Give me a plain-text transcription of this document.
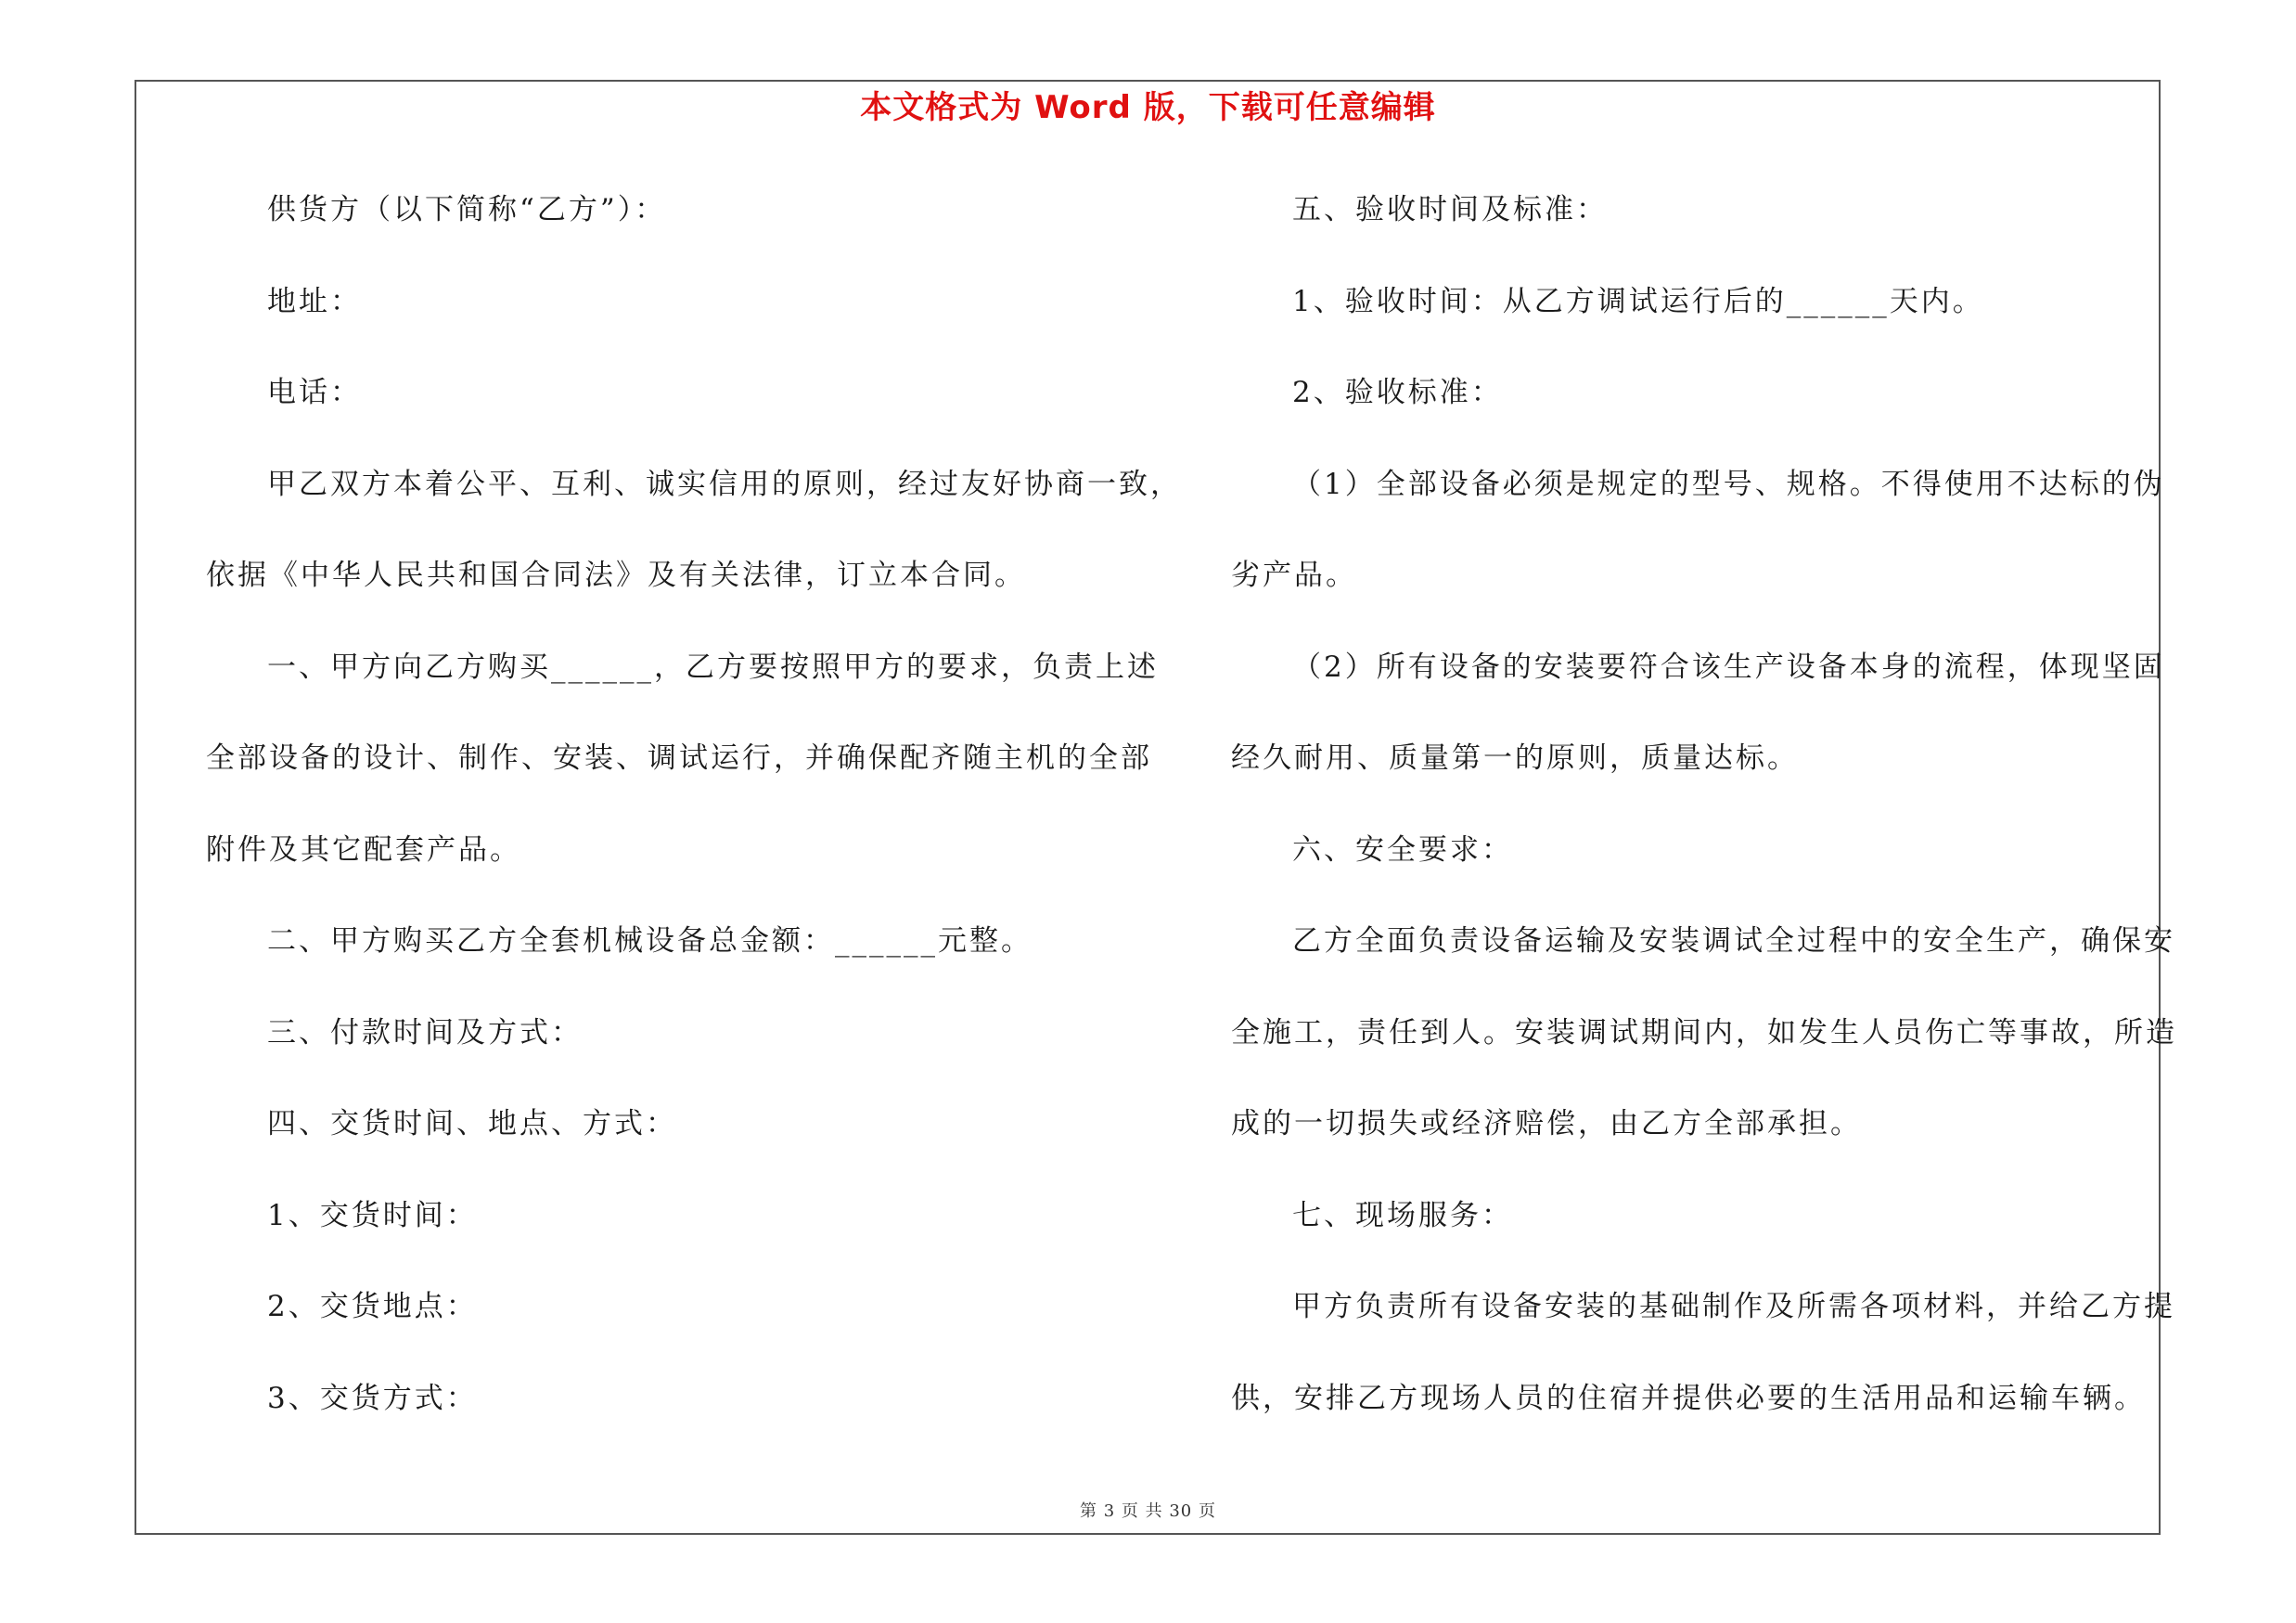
本文格式为 Word 版，下载可任意编辑
供货方（以下简称“乙方”）：
地址：
电话：
甲乙双方本着公平、互利、诚实信用的原则，经过友好协商一致，
依据《中华人民共和国合同法》及有关法律，订立本合同。
一、甲方向乙方购买______，乙方要按照甲方的要求，负责上述
全部设备的设计、制作、安装、调试运行，并确保配齐随主机的全部
附件及其它配套产品。
二、甲方购买乙方全套机械设备总金额：______元整。
三、付款时间及方式：
四、交货时间、地点、方式：
1、交货时间：
2、交货地点：
3、交货方式：
五、验收时间及标准：
1、验收时间：从乙方调试运行后的______天内。
2、验收标准：
（1）全部设备必须是规定的型号、规格。不得使用不达标的伪
劣产品。
（2）所有设备的安装要符合该生产设备本身的流程，体现坚固
经久耐用、质量第一的原则，质量达标。
六、安全要求：
乙方全面负责设备运输及安装调试全过程中的安全生产，确保安
全施工，责任到人。安装调试期间内，如发生人员伤亡等事故，所造
成的一切损失或经济赔偿，由乙方全部承担。
七、现场服务：
甲方负责所有设备安装的基础制作及所需各项材料，并给乙方提
供，安排乙方现场人员的住宿并提供必要的生活用品和运输车辆。
第 3 页 共 30 页
